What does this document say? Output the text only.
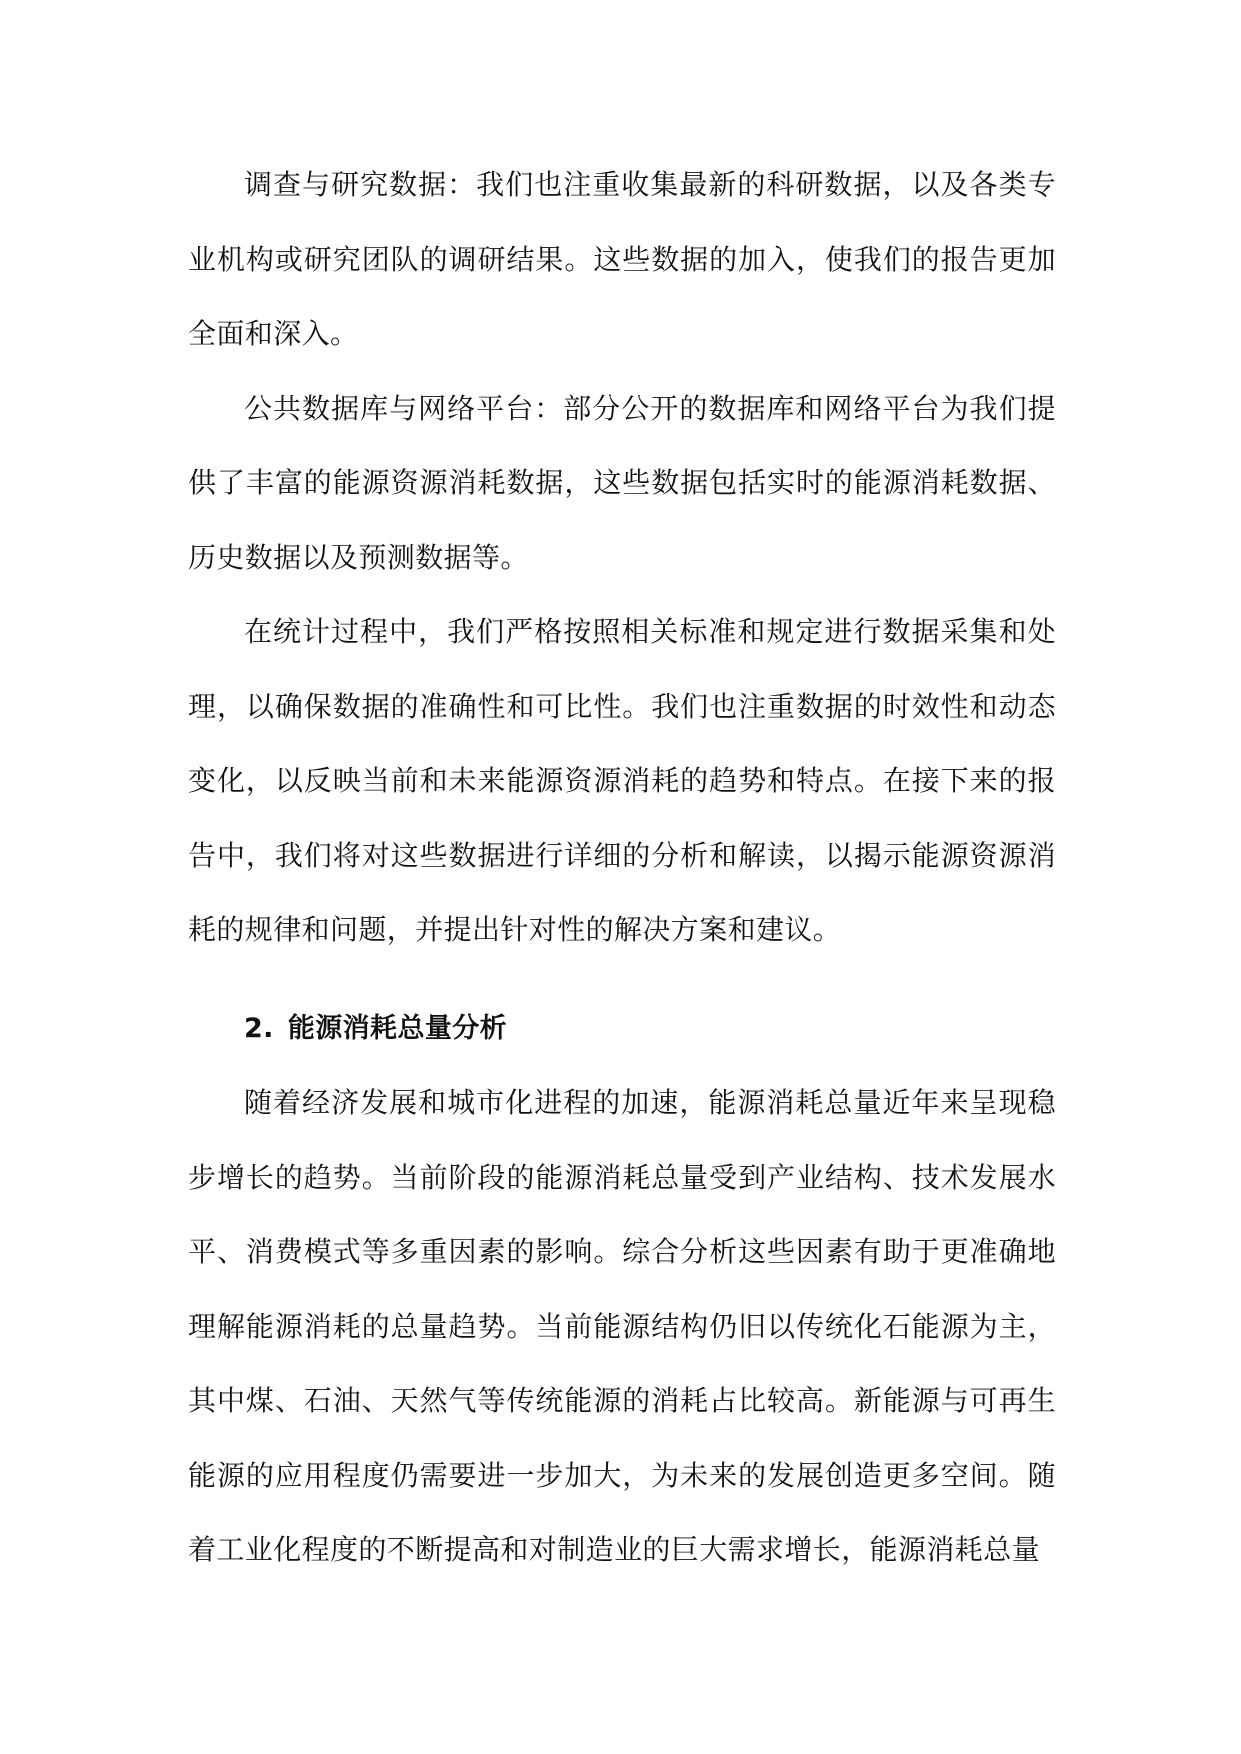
调查与研究数据：我们也注重收集最新的科研数据，以及各类专业机构或研究团队的调研结果。这些数据的加入，使我们的报告更加全面和深入。

公共数据库与网络平台：部分公开的数据库和网络平台为我们提供了丰富的能源资源消耗数据，这些数据包括实时的能源消耗数据、历史数据以及预测数据等。

在统计过程中，我们严格按照相关标准和规定进行数据采集和处理，以确保数据的准确性和可比性。我们也注重数据的时效性和动态变化，以反映当前和未来能源资源消耗的趋势和特点。在接下来的报告中，我们将对这些数据进行详细的分析和解读，以揭示能源资源消耗的规律和问题，并提出针对性的解决方案和建议。

2. 能源消耗总量分析

随着经济发展和城市化进程的加速，能源消耗总量近年来呈现稳步增长的趋势。当前阶段的能源消耗总量受到产业结构、技术发展水平、消费模式等多重因素的影响。综合分析这些因素有助于更准确地理解能源消耗的总量趋势。当前能源结构仍旧以传统化石能源为主，其中煤、石油、天然气等传统能源的消耗占比较高。新能源与可再生能源的应用程度仍需要进一步加大，为未来的发展创造更多空间。随着工业化程度的不断提高和对制造业的巨大需求增长，能源消耗总量
